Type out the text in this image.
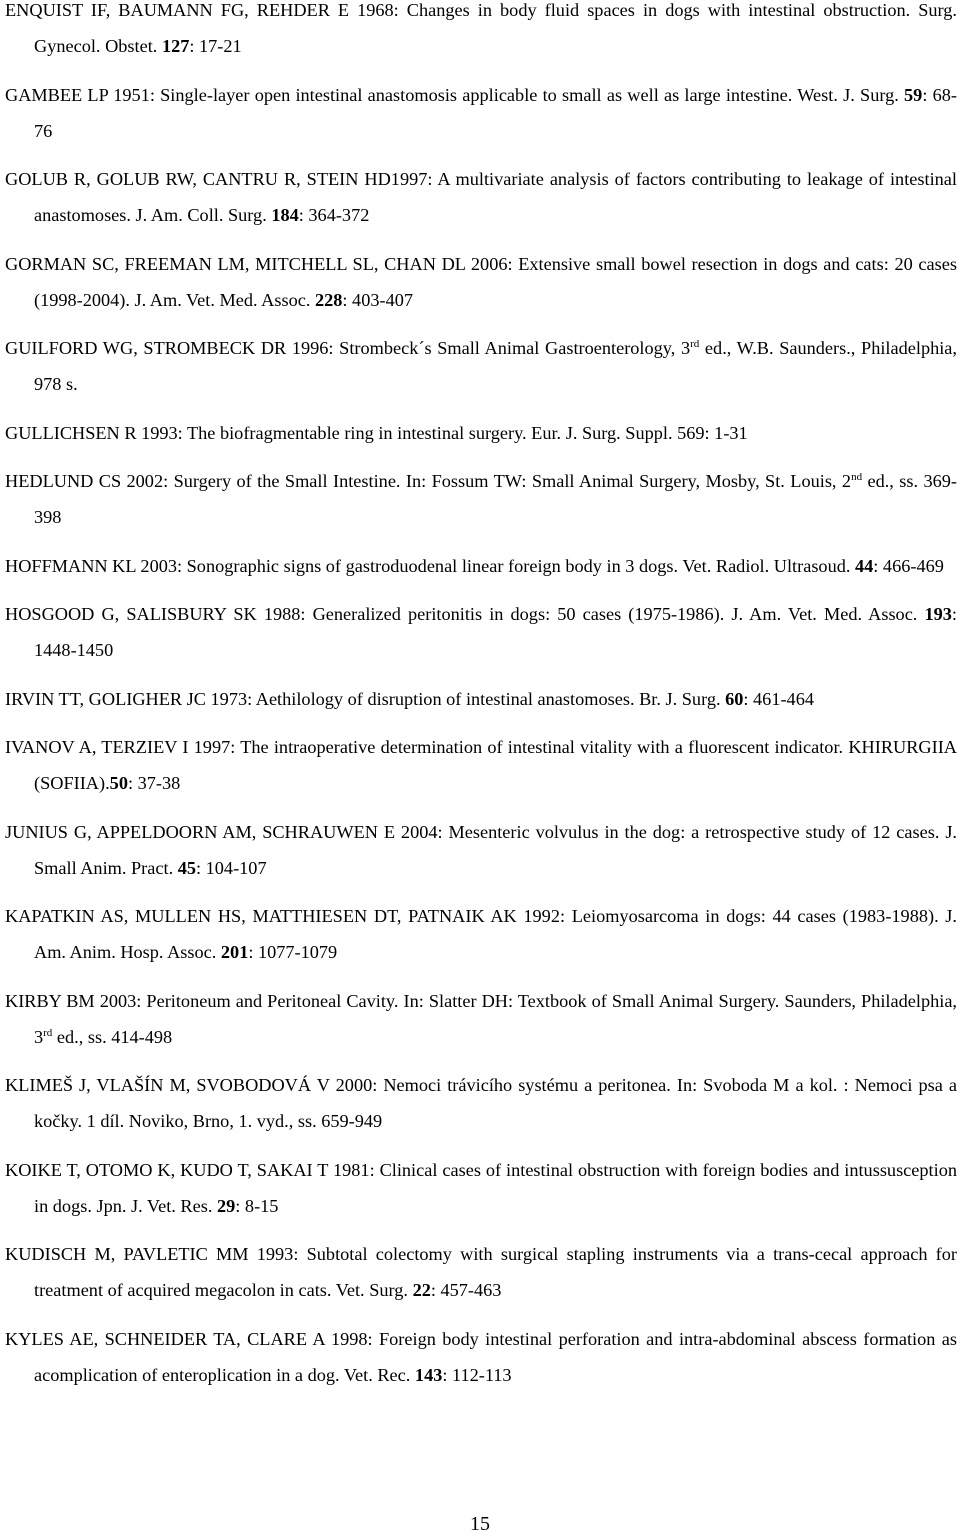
ENQUIST IF, BAUMANN FG, REHDER E 1968: Changes in body fluid spaces in dogs with intestinal obstruction. Surg. Gynecol. Obstet. 127: 17-21

GAMBEE LP 1951: Single-layer open intestinal anastomosis applicable to small as well as large intestine. West. J. Surg. 59: 68-76

GOLUB R, GOLUB RW, CANTRU R, STEIN HD1997: A multivariate analysis of factors contributing to leakage of intestinal anastomoses. J. Am. Coll. Surg. 184: 364-372

GORMAN SC, FREEMAN LM, MITCHELL SL, CHAN DL 2006: Extensive small bowel resection in dogs and cats: 20 cases (1998-2004). J. Am. Vet. Med. Assoc. 228: 403-407

GUILFORD WG, STROMBECK DR 1996: Strombeck´s Small Animal Gastroenterology, 3rd ed., W.B. Saunders., Philadelphia, 978 s.

GULLICHSEN R 1993: The biofragmentable ring in intestinal surgery. Eur. J. Surg. Suppl. 569: 1-31

HEDLUND CS 2002: Surgery of the Small Intestine. In: Fossum TW: Small Animal Surgery, Mosby, St. Louis, 2nd ed., ss. 369-398

HOFFMANN KL 2003: Sonographic signs of gastroduodenal linear foreign body in 3 dogs. Vet. Radiol. Ultrasoud. 44: 466-469

HOSGOOD G, SALISBURY SK 1988: Generalized peritonitis in dogs: 50 cases (1975-1986). J. Am. Vet. Med. Assoc. 193: 1448-1450

IRVIN TT, GOLIGHER JC 1973: Aethilology of disruption of intestinal anastomoses. Br. J. Surg. 60: 461-464

IVANOV A, TERZIEV I 1997: The intraoperative determination of intestinal vitality with a fluorescent indicator. KHIRURGIIA (SOFIIA).50: 37-38

JUNIUS G, APPELDOORN AM, SCHRAUWEN E 2004: Mesenteric volvulus in the dog: a retrospective study of 12 cases. J. Small Anim. Pract. 45: 104-107

KAPATKIN AS, MULLEN HS, MATTHIESEN DT, PATNAIK AK 1992: Leiomyosarcoma in dogs: 44 cases (1983-1988). J. Am. Anim. Hosp. Assoc. 201: 1077-1079

KIRBY BM 2003: Peritoneum and Peritoneal Cavity. In: Slatter DH: Textbook of Small Animal Surgery. Saunders, Philadelphia, 3rd ed., ss. 414-498

KLIMEŠ J, VLAŠÍN M, SVOBODOVÁ V 2000: Nemoci trávicího systému a peritonea. In: Svoboda M a kol. : Nemoci psa a kočky. 1 díl. Noviko, Brno, 1. vyd., ss. 659-949

KOIKE T, OTOMO K, KUDO T, SAKAI T 1981: Clinical cases of intestinal obstruction with foreign bodies and intussusception in dogs. Jpn. J. Vet. Res. 29: 8-15

KUDISCH M, PAVLETIC MM 1993: Subtotal colectomy with surgical stapling instruments via a trans-cecal approach for treatment of acquired megacolon in cats. Vet. Surg. 22: 457-463

KYLES AE, SCHNEIDER TA, CLARE A 1998: Foreign body intestinal perforation and intra-abdominal abscess formation as acomplication of enteroplication in a dog. Vet. Rec. 143: 112-113

15
